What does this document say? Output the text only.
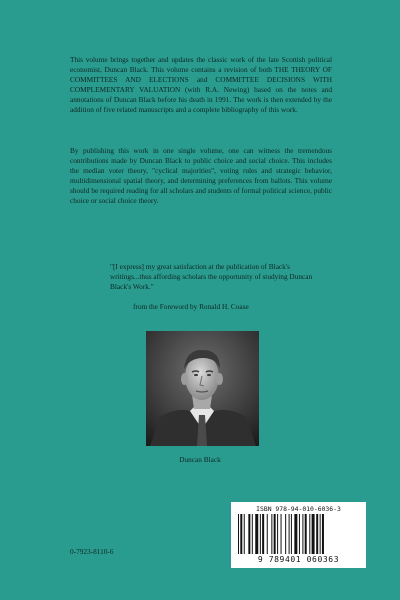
This volume brings together and updates the classic work of the late Scottish political economist, Duncan Black. This volume contains a revision of both THE THEORY OF COMMITTEES AND ELECTIONS and COMMITTEE DECISIONS WITH COMPLEMENTARY VALUATION (with R.A. Newing) based on the notes and annotations of Duncan Black before his death in 1991. The work is then extended by the addition of five related manuscripts and a complete bibliography of this work.
By publishing this work in one single volume, one can witness the tremendous contributions made by Duncan Black to public choice and social choice. This includes the median voter theory, "cyclical majorities", voting rules and strategic behavior, multidimensional spatial theory, and determining preferences from ballots. This volume should be required reading for all scholars and students of formal political science, public choice or social choice theory.
"[I express] my great satisfaction at the publication of Black's writings...thus affording scholars the opportunity of studying Duncan Black's Work."
from the Foreword by Ronald H. Coase
Duncan Black
ISBN 978-94-010-6036-3
9 789401 060363
0-7923-8110-6
